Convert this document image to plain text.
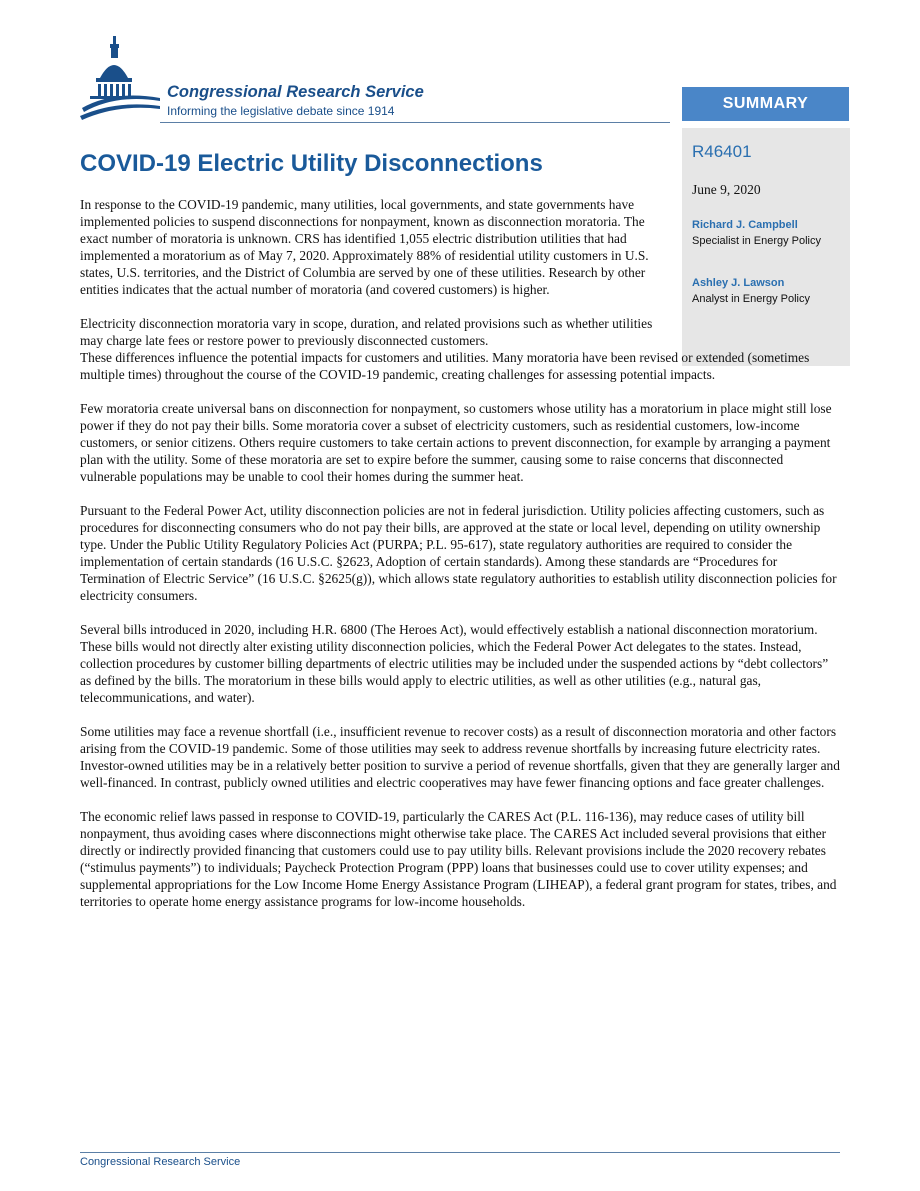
Congressional Research Service
Informing the legislative debate since 1914	SUMMARY
R46401
June 9, 2020
Richard J. Campbell
Specialist in Energy Policy
Ashley J. Lawson
Analyst in Energy Policy
COVID-19 Electric Utility Disconnections

In response to the COVID-19 pandemic, many utilities, local governments, and state governments have implemented policies to suspend disconnections for nonpayment, known as disconnection moratoria. The exact number of moratoria is unknown. CRS has identified 1,055 electric distribution utilities that had implemented a moratorium as of May 7, 2020. Approximately 88% of residential utility customers in U.S. states, U.S. territories, and the District of Columbia are served by one of these utilities. Research by other entities indicates that the actual number of moratoria (and covered customers) is higher.

Electricity disconnection moratoria vary in scope, duration, and related provisions such as whether utilities may charge late fees or restore power to previously disconnected customers.
These differences influence the potential impacts for customers and utilities. Many moratoria have been revised or extended (sometimes multiple times) throughout the course of the COVID-19 pandemic, creating challenges for assessing potential impacts.

Few moratoria create universal bans on disconnection for nonpayment, so customers whose utility has a moratorium in place might still lose power if they do not pay their bills. Some moratoria cover a subset of electricity customers, such as residential customers, low-income customers, or senior citizens. Others require customers to take certain actions to prevent disconnection, for example by arranging a payment plan with the utility. Some of these moratoria are set to expire before the summer, causing some to raise concerns that disconnected vulnerable populations may be unable to cool their homes during the summer heat.

Pursuant to the Federal Power Act, utility disconnection policies are not in federal jurisdiction. Utility policies affecting customers, such as procedures for disconnecting consumers who do not pay their bills, are approved at the state or local level, depending on utility ownership type. Under the Public Utility Regulatory Policies Act (PURPA; P.L. 95-617), state regulatory authorities are required to consider the implementation of certain standards (16 U.S.C. §2623, Adoption of certain standards). Among these standards are “Procedures for Termination of Electric Service” (16 U.S.C. §2625(g)), which allows state regulatory authorities to establish utility disconnection policies for electricity consumers.

Several bills introduced in 2020, including H.R. 6800 (The Heroes Act), would effectively establish a national disconnection moratorium. These bills would not directly alter existing utility disconnection policies, which the Federal Power Act delegates to the states. Instead, collection procedures by customer billing departments of electric utilities may be included under the suspended actions by “debt collectors” as defined by the bills. The moratorium in these bills would apply to electric utilities, as well as other utilities (e.g., natural gas, telecommunications, and water).

Some utilities may face a revenue shortfall (i.e., insufficient revenue to recover costs) as a result of disconnection moratoria and other factors arising from the COVID-19 pandemic. Some of those utilities may seek to address revenue shortfalls by increasing future electricity rates. Investor-owned utilities may be in a relatively better position to survive a period of revenue shortfalls, given that they are generally larger and well-financed. In contrast, publicly owned utilities and electric cooperatives may have fewer financing options and face greater challenges.

The economic relief laws passed in response to COVID-19, particularly the CARES Act (P.L. 116-136), may reduce cases of utility bill nonpayment, thus avoiding cases where disconnections might otherwise take place. The CARES Act included several provisions that either directly or indirectly provided financing that customers could use to pay utility bills. Relevant provisions include the 2020 recovery rebates (“stimulus payments”) to individuals; Paycheck Protection Program (PPP) loans that businesses could use to cover utility expenses; and supplemental appropriations for the Low Income Home Energy Assistance Program (LIHEAP), a federal grant program for states, tribes, and territories to operate home energy assistance programs for low-income households.

Congressional Research Service
